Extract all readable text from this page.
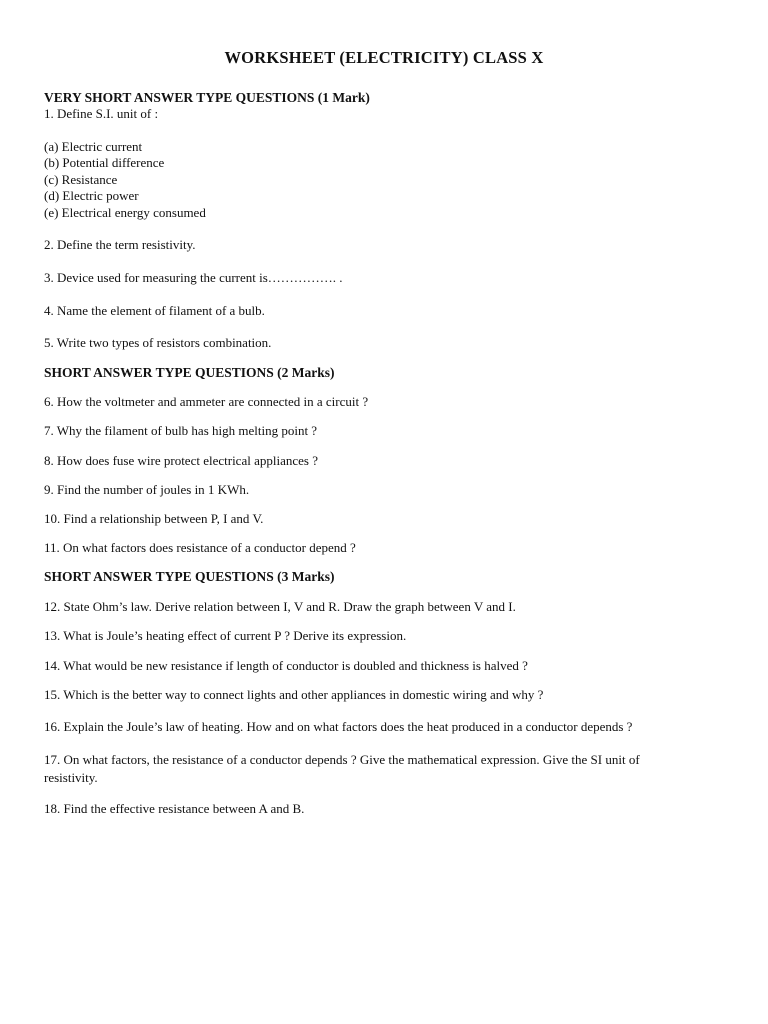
WORKSHEET (ELECTRICITY) CLASS X
VERY SHORT ANSWER TYPE QUESTIONS (1 Mark)
1. Define S.I. unit of :
(a) Electric current
(b) Potential difference
(c) Resistance
(d) Electric power
(e) Electrical energy consumed
2. Define the term resistivity.
3. Device used for measuring the current is……………. .
4. Name the element of filament of a bulb.
5. Write two types of resistors combination.
SHORT ANSWER TYPE QUESTIONS (2 Marks)
6. How the voltmeter and ammeter are connected in a circuit ?
7. Why the filament of bulb has high melting point ?
8. How does fuse wire protect electrical appliances ?
9. Find the number of joules in 1 KWh.
10. Find a relationship between P, I and V.
11. On what factors does resistance of a conductor depend ?
SHORT ANSWER TYPE QUESTIONS (3 Marks)
12. State Ohm’s law. Derive relation between I, V and R. Draw the graph between V and I.
13. What is Joule’s heating effect of current P ? Derive its expression.
14. What would be new resistance if length of conductor is doubled and thickness is halved ?
15. Which is the better way to connect lights and other appliances in domestic wiring and why ?
16. Explain the Joule’s law of heating. How and on what factors does the heat produced in a conductor depends ?
17. On what factors, the resistance of a conductor depends ? Give the mathematical expression. Give the SI unit of resistivity.
18. Find the effective resistance between A and B.
